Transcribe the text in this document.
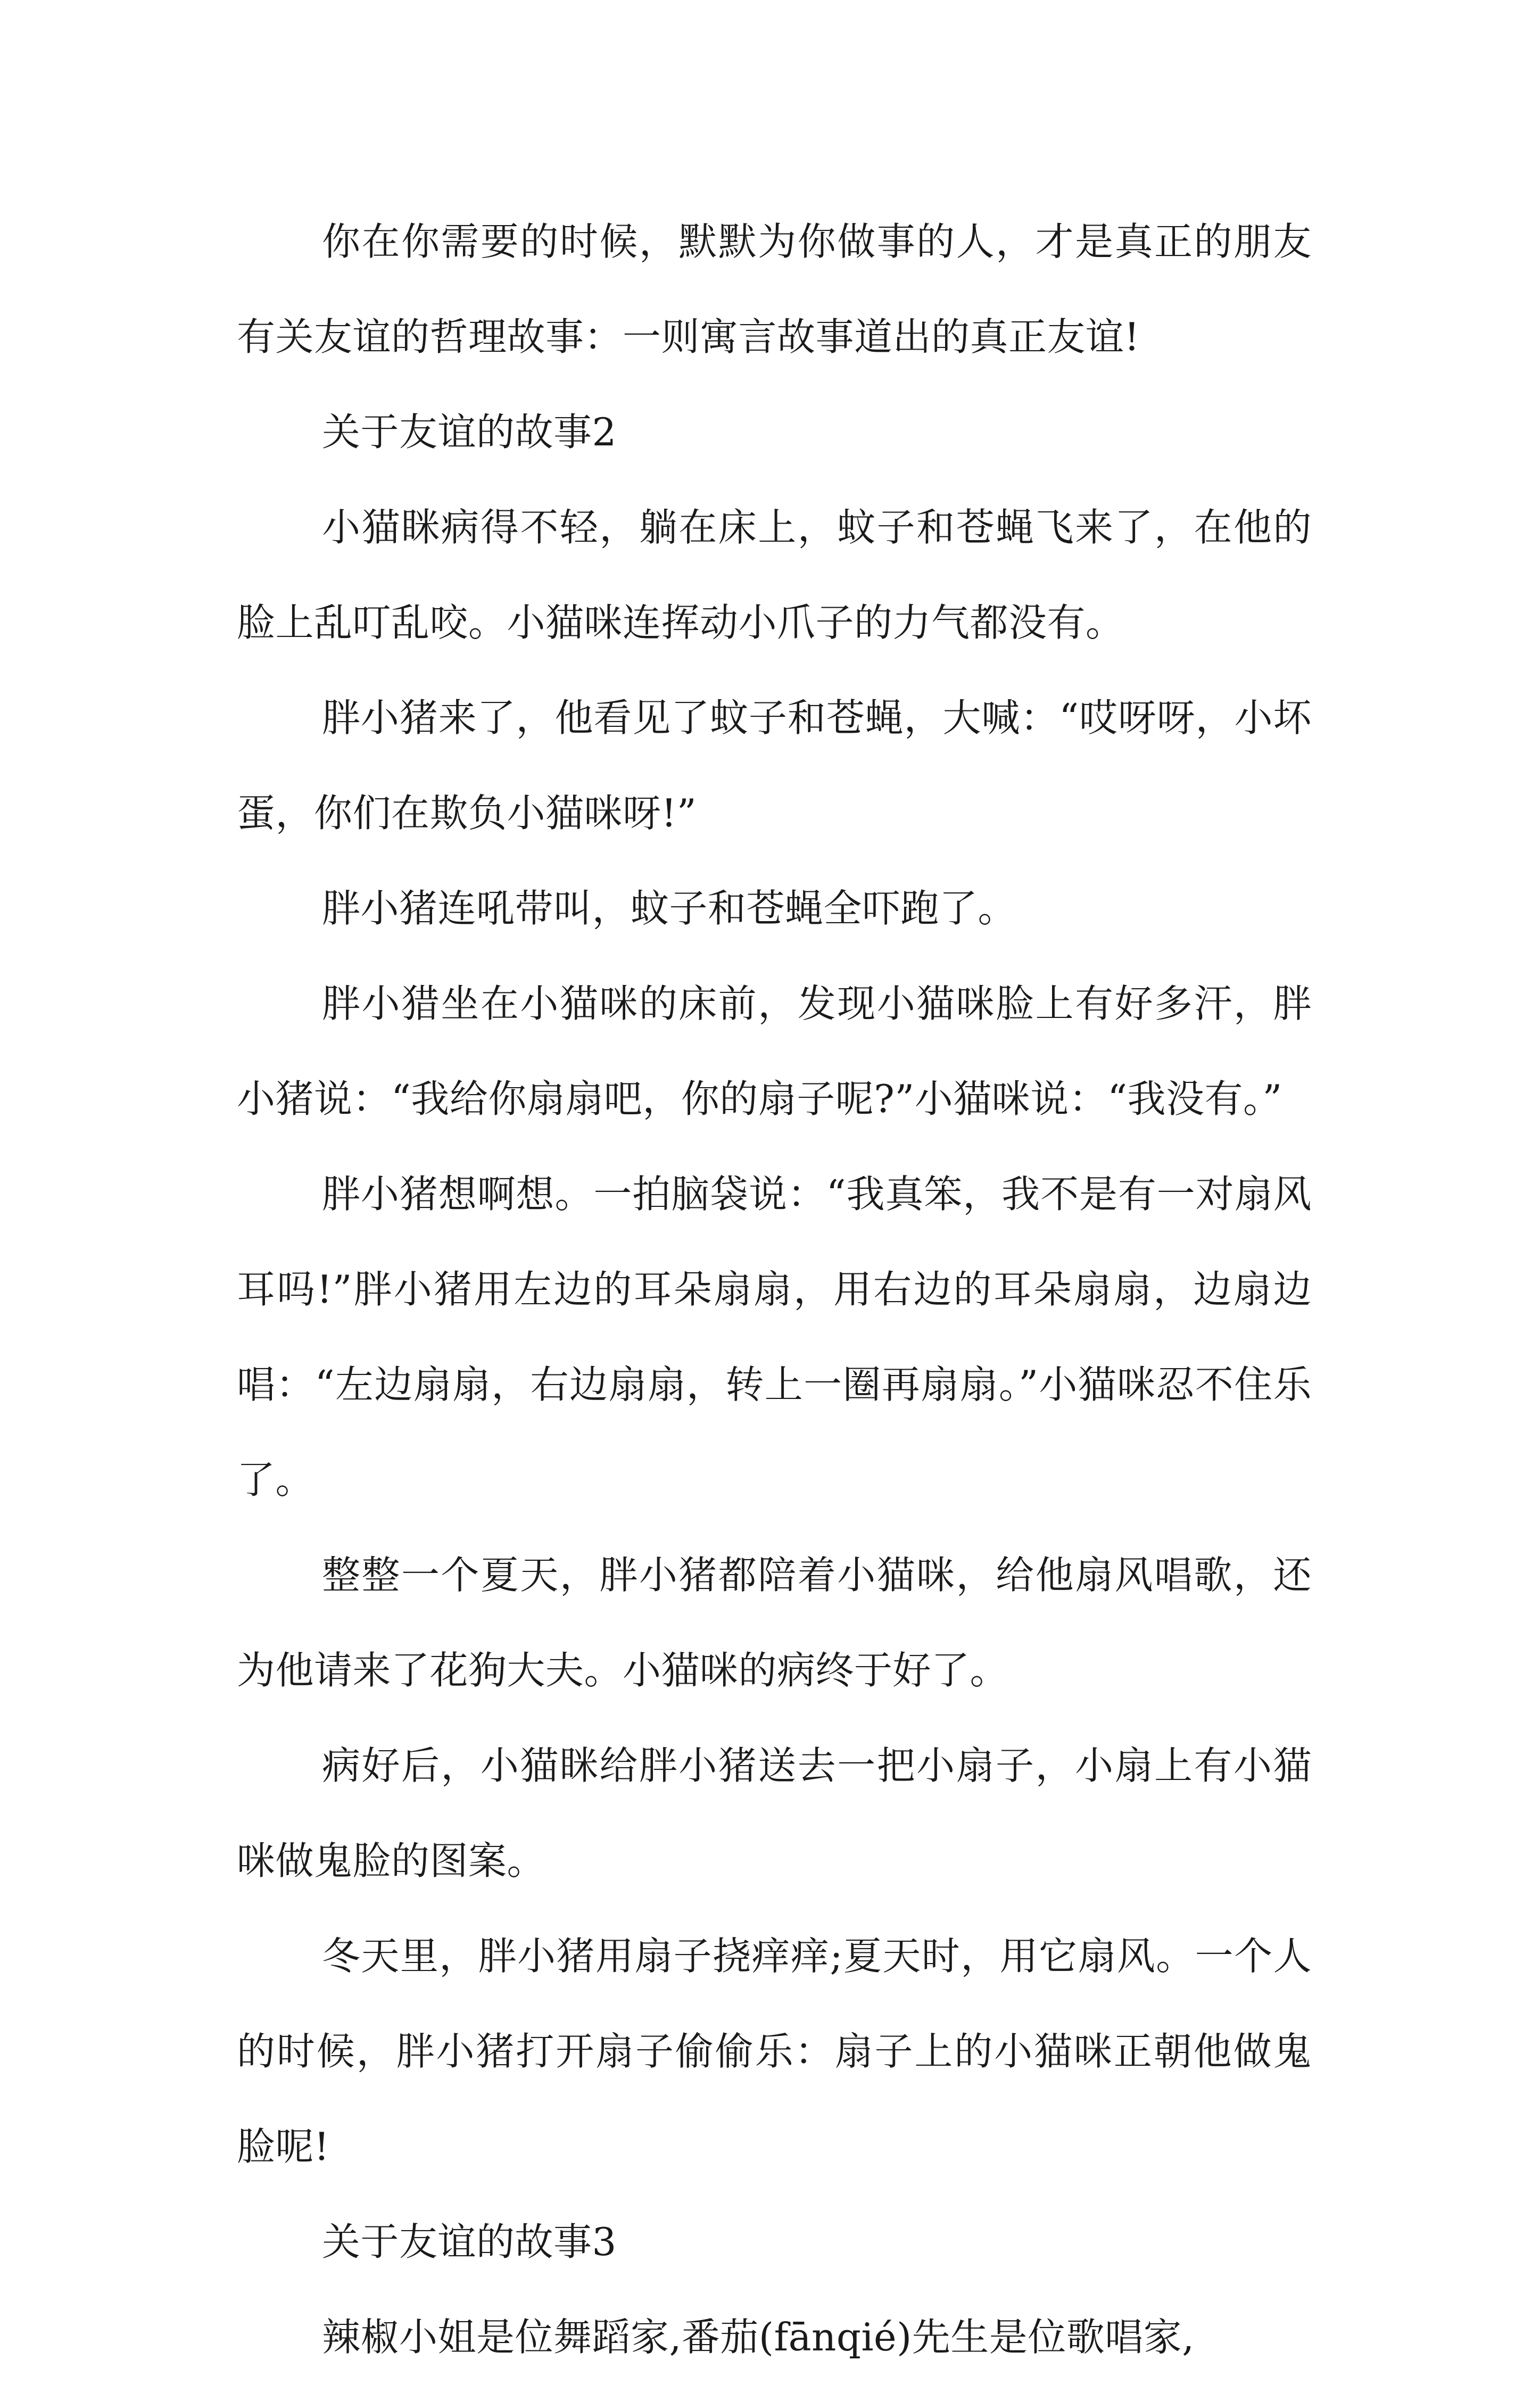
你在你需要的时候，默默为你做事的人，才是真正的朋友有关友谊的哲理故事：一则寓言故事道出的真正友谊!

关于友谊的故事2

小猫眯病得不轻，躺在床上，蚊子和苍蝇飞来了，在他的脸上乱叮乱咬。小猫咪连挥动小爪子的力气都没有。

胖小猪来了，他看见了蚊子和苍蝇，大喊：“哎呀呀，小坏蛋，你们在欺负小猫咪呀!”

胖小猪连吼带叫，蚊子和苍蝇全吓跑了。

胖小猎坐在小猫咪的床前，发现小猫咪脸上有好多汗，胖小猪说：“我给你扇扇吧，你的扇子呢?”小猫咪说：“我没有。”

胖小猪想啊想。一拍脑袋说：“我真笨，我不是有一对扇风耳吗!”胖小猪用左边的耳朵扇扇，用右边的耳朵扇扇，边扇边唱：“左边扇扇，右边扇扇，转上一圈再扇扇。”小猫咪忍不住乐了。

整整一个夏天，胖小猪都陪着小猫咪，给他扇风唱歌，还为他请来了花狗大夫。小猫咪的病终于好了。

病好后，小猫眯给胖小猪送去一把小扇子，小扇上有小猫咪做鬼脸的图案。

冬天里，胖小猪用扇子挠痒痒;夏天时，用它扇风。一个人的时候，胖小猪打开扇子偷偷乐：扇子上的小猫咪正朝他做鬼脸呢!

关于友谊的故事3

辣椒小姐是位舞蹈家,番茄(fānqié)先生是位歌唱家,
